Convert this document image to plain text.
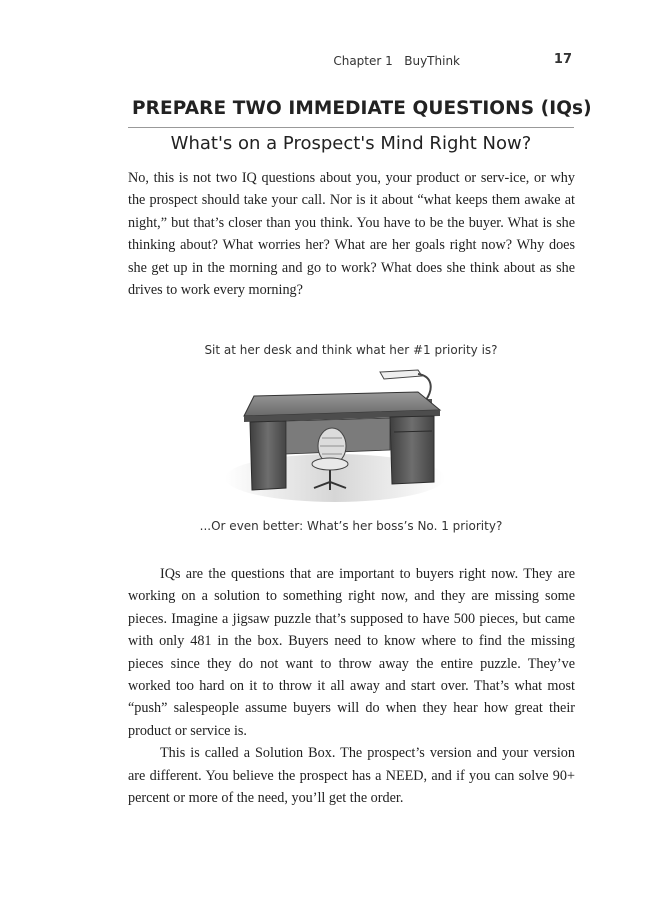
Chapter 1 BuyThink	17
PREPARE TWO IMMEDIATE QUESTIONS (IQs)
What's on a Prospect's Mind Right Now?

No, this is not two IQ questions about you, your product or serv-ice, or why the prospect should take your call. Nor is it about “what keeps them awake at night,” but that’s closer than you think. You have to be the buyer. What is she thinking about? What worries her? What are her goals right now? Why does she get up in the morning and go to work? What does she think about as she drives to work every morning?

Sit at her desk and think what her #1 priority is?
...Or even better: What’s her boss’s No. 1 priority?

IQs are the questions that are important to buyers right now. They are working on a solution to something right now, and they are missing some pieces. Imagine a jigsaw puzzle that’s supposed to have 500 pieces, but came with only 481 in the box. Buyers need to know where to find the missing pieces since they do not want to throw away the entire puzzle. They’ve worked too hard on it to throw it all away and start over. That’s what most “push” salespeople assume buyers will do when they hear how great their product or service is.

This is called a Solution Box. The prospect’s version and your version are different. You believe the prospect has a NEED, and if you can solve 90+ percent or more of the need, you’ll get the order.
